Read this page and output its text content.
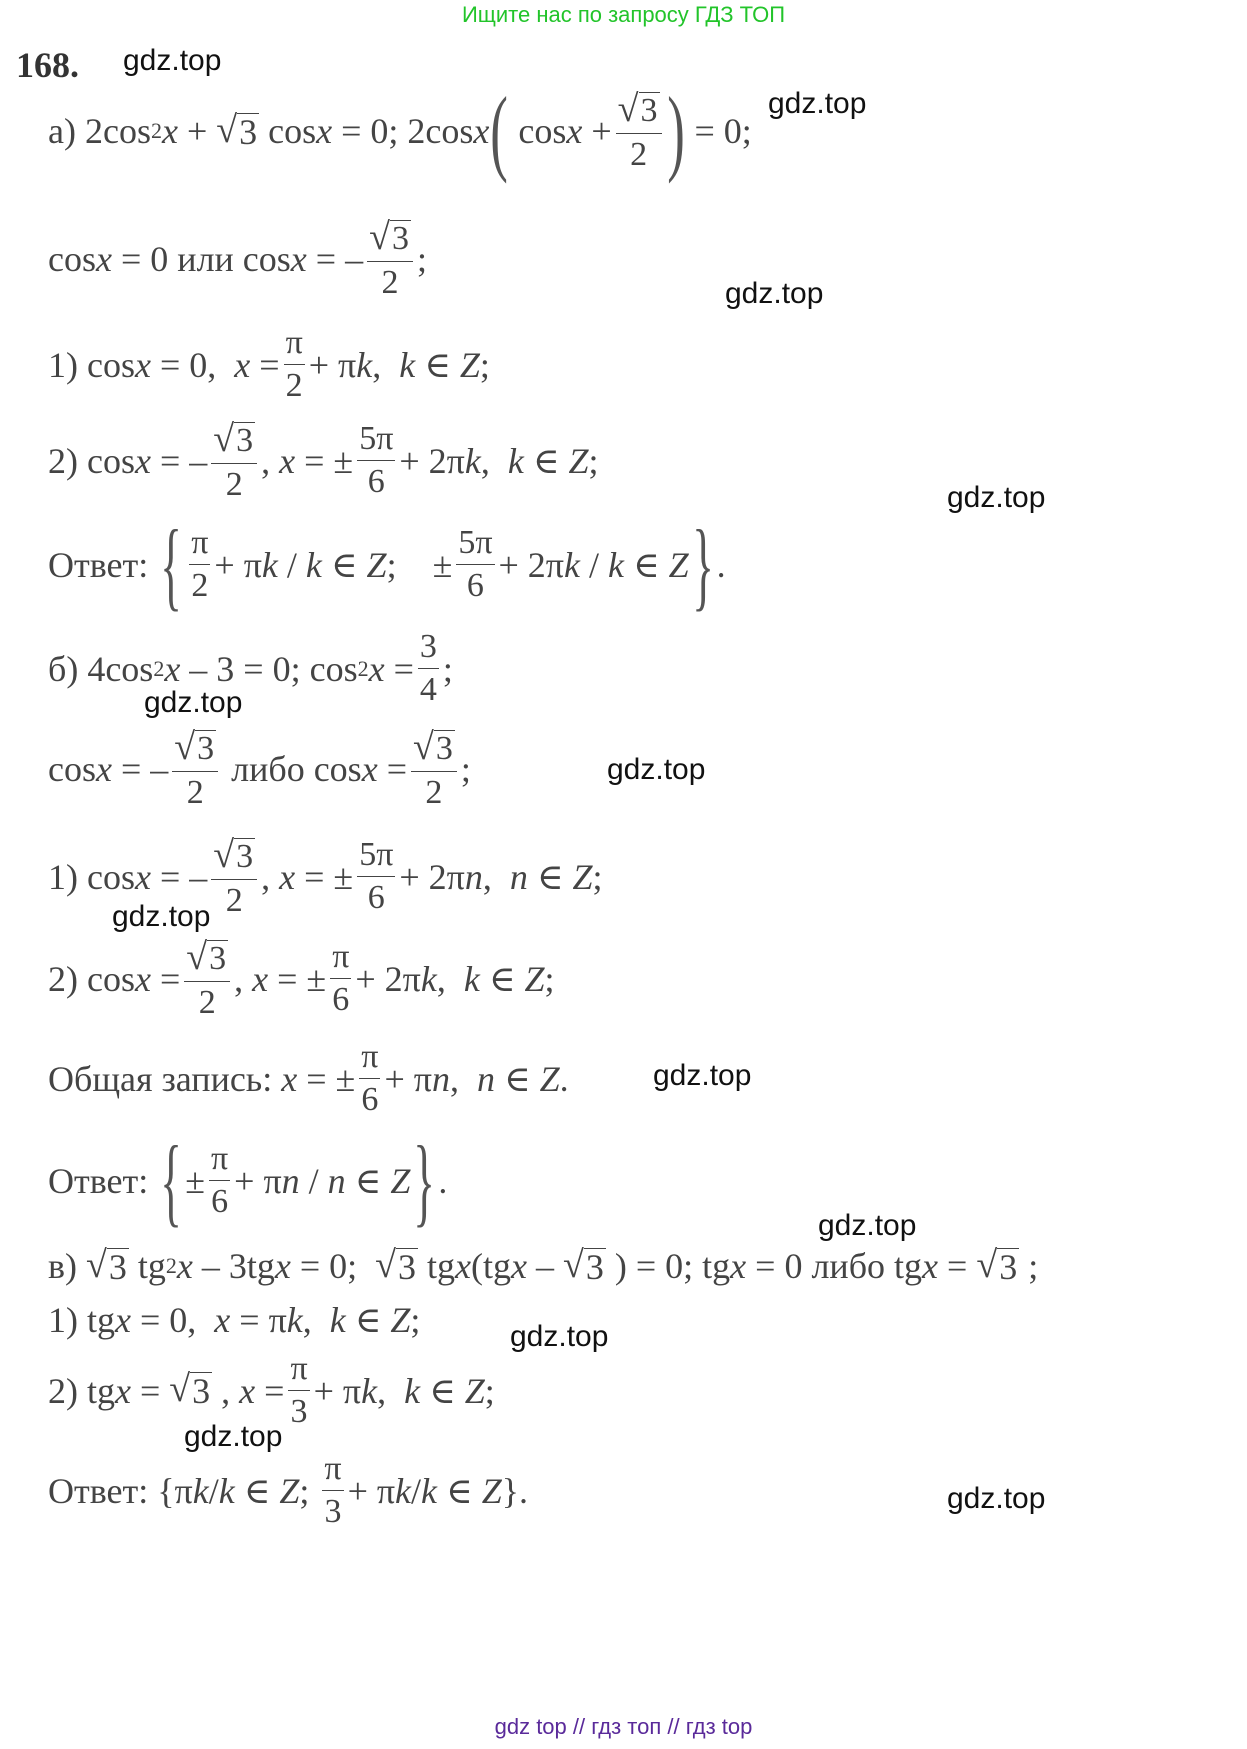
Ищите нас по запросу ГДЗ ТОП
168. gdz.top
gdz.top
gdz.top
gdz.top
gdz.top
gdz.top
gdz.top
gdz.top
gdz.top
gdz.top
gdz.top
gdz.top
а) 2cos 2 x + √ 3 cos x = 0; 2cos x ( cos x +
√ 3
2 ) = 0;
cos x = 0 или cos x = –
√ 3
2
;
1) cos x = 0, x =
π
2
+ π k , k ∈ Z ;
2) cos x = –
√ 3
2
, x = ±
5π
6
+ 2π k , k ∈ Z ;
Ответ:
{ π
2
+ π k / k ∈ Z ;    ±
5π
6
+ 2π k / k ∈ Z } .
б) 4cos 2 x – 3 = 0; cos 2 x =
3
4
;
cos x = –
√ 3
2

либо cos x =
√ 3
2
;
1) cos x = –
√ 3
2
, x = ±
5π
6
+ 2π n , n ∈ Z ;
2) cos x =
√ 3
2
, x = ±
π
6
+ 2π k , k ∈ Z ;
Общая запись:
x = ±
π
6
+ π n , n ∈ Z .
Ответ:
{ ±
π
6
+ π n / n ∈ Z } .
в)
√ 3 tg 2 x – 3tg x = 0; √ 3 tg x (tg x – √ 3 ) = 0; tg x = 0 либо tg x = √ 3 ;
1) tg x = 0, x = π k , k ∈ Z ;
2) tg x = √ 3 , x =
π
3
+ π k , k ∈ Z ;
Ответ: {π k / k ∈ Z ;
π
3
+ π k / k ∈ Z }.
gdz top // гдз топ // гдз top
